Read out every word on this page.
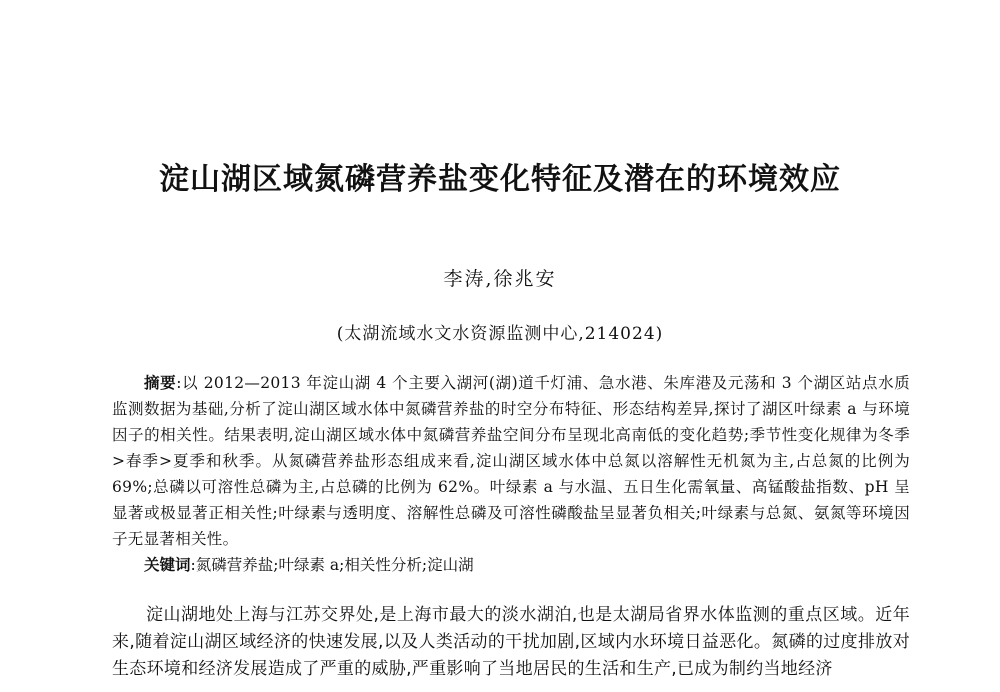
淀山湖区域氮磷营养盐变化特征及潜在的环境效应
李涛,徐兆安
(太湖流域水文水资源监测中心,214024)
摘要:以 2012—2013 年淀山湖 4 个主要入湖河(湖)道千灯浦、急水港、朱库港及元荡和 3 个湖区站点水质监测数据为基础,分析了淀山湖区域水体中氮磷营养盐的时空分布特征、形态结构差异,探讨了湖区叶绿素 a 与环境因子的相关性。结果表明,淀山湖区域水体中氮磷营养盐空间分布呈现北高南低的变化趋势;季节性变化规律为冬季>春季>夏季和秋季。从氮磷营养盐形态组成来看,淀山湖区域水体中总氮以溶解性无机氮为主,占总氮的比例为 69%;总磷以可溶性总磷为主,占总磷的比例为 62%。叶绿素 a 与水温、五日生化需氧量、高锰酸盐指数、pH 呈显著或极显著正相关性;叶绿素与透明度、溶解性总磷及可溶性磷酸盐呈显著负相关;叶绿素与总氮、氨氮等环境因子无显著相关性。
关键词:氮磷营养盐;叶绿素 a;相关性分析;淀山湖
淀山湖地处上海与江苏交界处,是上海市最大的淡水湖泊,也是太湖局省界水体监测的重点区域。近年来,随着淀山湖区域经济的快速发展,以及人类活动的干扰加剧,区域内水环境日益恶化。氮磷的过度排放对生态环境和经济发展造成了严重的威胁,严重影响了当地居民的生活和生产,已成为制约当地经济
